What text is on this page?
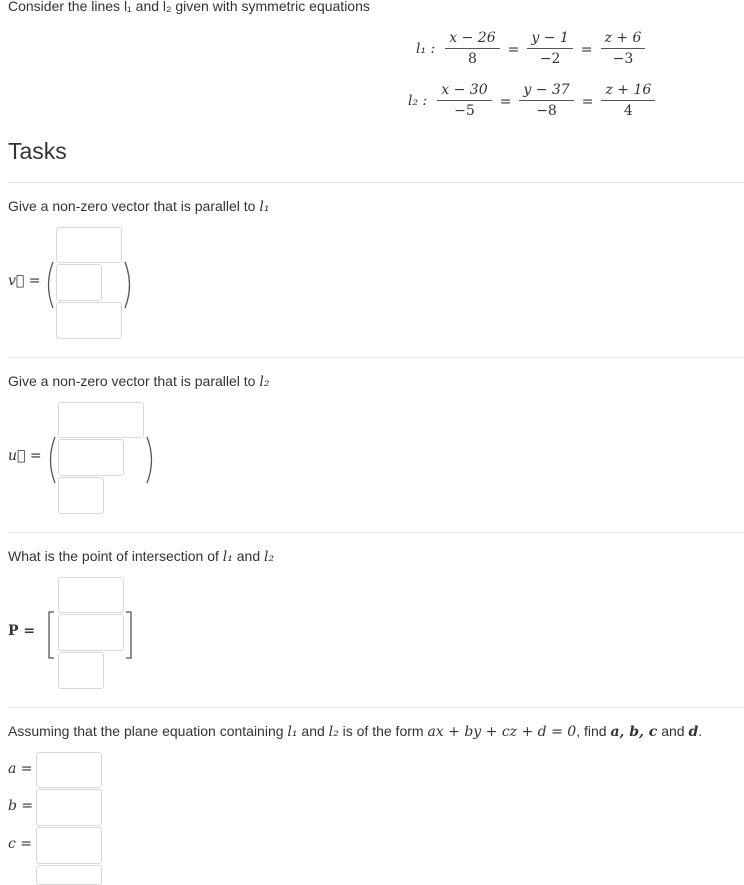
Consider the lines l₁ and l₂ given with symmetric equations
l₁ : $\frac{x - 26}{8} = \frac{y - 1}{-2} = \frac{z + 6}{-3}$
l₂ : $\frac{x - 30}{-5} = \frac{y - 37}{-8} = \frac{z + 16}{4}$
Tasks
Give a non-zero vector that is parallel to l₁
v⃗ =
Give a non-zero vector that is parallel to l₂
u⃗ =
What is the point of intersection of l₁ and l₂
P =
Assuming that the plane equation containing l₁ and l₂ is of the form ax + by + cz + d = 0, find a, b, c and d.
a =
b =
c =
